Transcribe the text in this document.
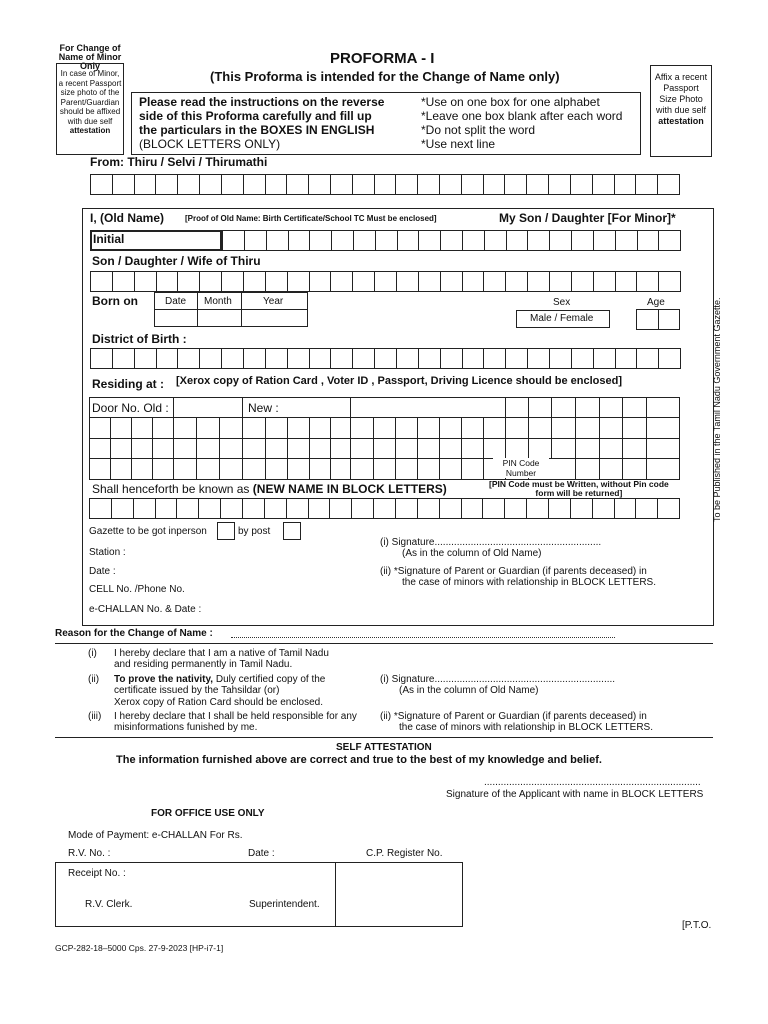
For Change of Name of Minor Only
In case of Minor,
a recent Passport
size photo of the
Parent/Guardian
should be affixed
with due self
attestation
PROFORMA - I
(This Proforma is intended for the Change of Name only)	Affix a recent
Passport
Size Photo
with due self
attestation
Please read the instructions on the reverse
side of this Proforma carefully and fill up
the particulars in the BOXES IN ENGLISH
(BLOCK LETTERS ONLY)
*Use on one box for one alphabet
*Leave one box blank after each word
*Do not split the word
*Use next line
From: Thiru / Selvi / Thirumathi
I, (Old Name)	[Proof of Old Name: Birth Certificate/School TC Must be enclosed]	My Son / Daughter [For Minor]*
Initial
Son / Daughter / Wife of Thiru
Born on	Date Month	Year	Sex
Male / Female
Age
District of Birth :
Residing at : [Xerox copy of Ration Card , Voter ID , Passport, Driving Licence should be enclosed]
Door No. Old :	New :
PIN Code
Number
Shall henceforth be known as (NEW NAME IN BLOCK LETTERS)	[PIN Code must be Written, without Pin code
form will be returned]
Gazette to be got inperson	by post
Station :
Date :
CELL No. /Phone No.
e-CHALLAN No. & Date :
(i) Signature............................................................
(As in the column of Old Name)
(ii) *Signature of Parent or Guardian (if parents deceased) in
the case of minors with relationship in BLOCK LETTERS.
To be Published in the Tamil Nadu Government Gazette.
Reason for the Change of Name :
(i) I hereby declare that I am a native of Tamil Nadu
and residing permanently in Tamil Nadu.
(ii) To prove the nativity, Duly certified copy of the
certificate issued by the Tahsildar (or)
Xerox copy of Ration Card should be enclosed.
(iii) I hereby declare that I shall be held responsible for any
misinformations funished by me.
(i) Signature.................................................................
(As in the column of Old Name)
(ii) *Signature of Parent or Guardian (if parents deceased) in
the case of minors with relationship in BLOCK LETTERS.
SELF ATTESTATION
The information furnished above are correct and true to the best of my knowledge and belief.
..............................................................................
Signature of the Applicant with name in BLOCK LETTERS
FOR OFFICE USE ONLY
Mode of Payment: e-CHALLAN For Rs.
R.V. No. :	Date :	C.P. Register No.
Receipt No. :
R.V. Clerk.	Superintendent.
[P.T.O.
GCP-282-18–5000 Cps. 27-9-2023 [HP-i7-1]
